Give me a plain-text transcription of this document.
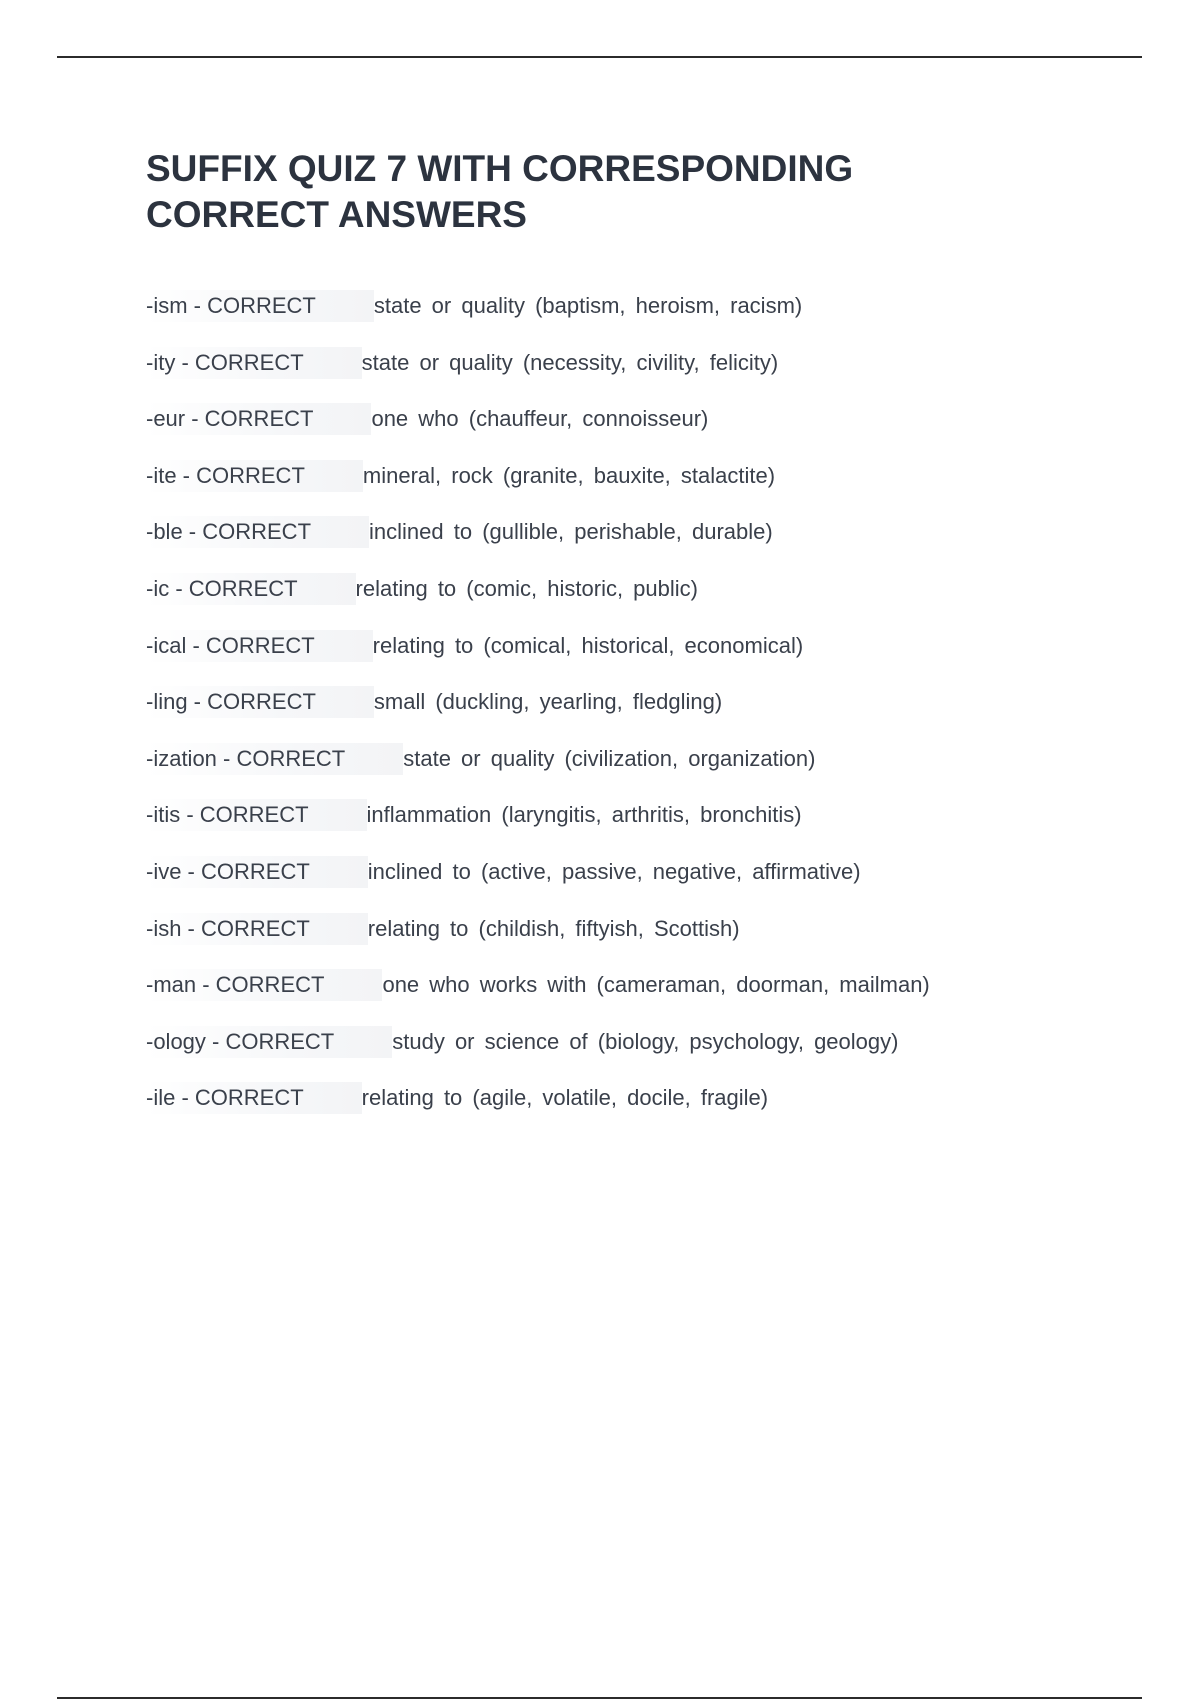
SUFFIX QUIZ 7 WITH CORRESPONDING
CORRECT ANSWERS
-ism - CORRECT	state or quality (baptism, heroism, racism)
-ity - CORRECT	state or quality (necessity, civility, felicity)
-eur - CORRECT	one who (chauffeur, connoisseur)
-ite - CORRECT	mineral, rock (granite, bauxite, stalactite)
-ble - CORRECT	inclined to (gullible, perishable, durable)
-ic - CORRECT	relating to (comic, historic, public)
-ical - CORRECT	relating to (comical, historical, economical)
-ling - CORRECT	small (duckling, yearling, fledgling)
-ization - CORRECT	state or quality (civilization, organization)
-itis - CORRECT	inflammation (laryngitis, arthritis, bronchitis)
-ive - CORRECT	inclined to (active, passive, negative, affirmative)
-ish - CORRECT	relating to (childish, fiftyish, Scottish)
-man - CORRECT	one who works with (cameraman, doorman, mailman)
-ology - CORRECT	study or science of (biology, psychology, geology)
-ile - CORRECT	relating to (agile, volatile, docile, fragile)
